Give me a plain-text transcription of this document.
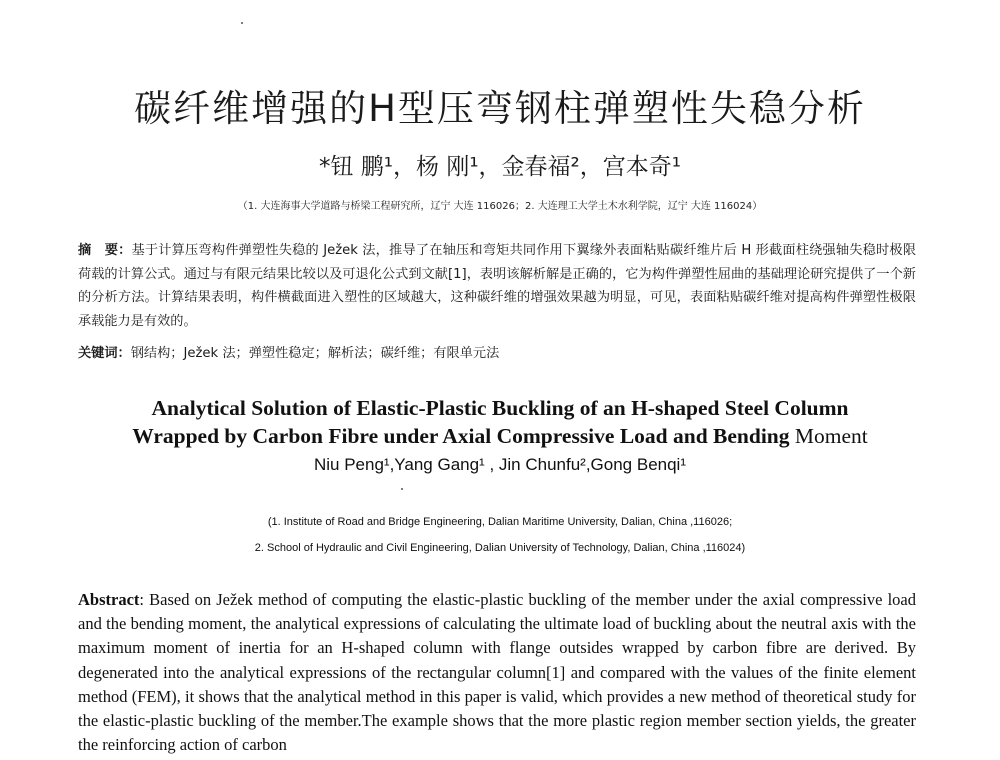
碳纤维增强的H型压弯钢柱弹塑性失稳分析
*钮 鹏¹，杨 刚¹，金春福²，宫本奇¹
（1. 大连海事大学道路与桥梁工程研究所，辽宁 大连 116026；2. 大连理工大学土木水利学院，辽宁 大连 116024）
摘　要：基于计算压弯构件弹塑性失稳的 Ježek 法，推导了在轴压和弯矩共同作用下翼缘外表面粘贴碳纤维片后 H 形截面柱绕强轴失稳时极限荷载的计算公式。通过与有限元结果比较以及可退化公式到文献[1]，表明该解析解是正确的，它为构件弹塑性屈曲的基础理论研究提供了一个新的分析方法。计算结果表明，构件横截面进入塑性的区域越大，这种碳纤维的增强效果越为明显，可见，表面粘贴碳纤维对提高构件弹塑性极限承载能力是有效的。
关键词：钢结构；Ježek 法；弹塑性稳定；解析法；碳纤维；有限单元法
Analytical Solution of Elastic-Plastic Buckling of an H-shaped Steel Column
Wrapped by Carbon Fibre under Axial Compressive Load and Bending Moment
Niu Peng¹,Yang Gang¹ , Jin Chunfu²,Gong Benqi¹
(1. Institute of Road and Bridge Engineering, Dalian Maritime University, Dalian, China ,116026;
2. School of Hydraulic and Civil Engineering, Dalian University of Technology, Dalian, China ,116024)
Abstract: Based on Ježek method of computing the elastic-plastic buckling of the member under the axial compressive load and the bending moment, the analytical expressions of calculating the ultimate load of buckling about the neutral axis with the maximum moment of inertia for an H-shaped column with flange outsides wrapped by carbon fibre are derived. By degenerated into the analytical expressions of the rectangular column[1] and compared with the values of the finite element method (FEM), it shows that the analytical method in this paper is valid, which provides a new method of theoretical study for the elastic-plastic buckling of the member.The example shows that the more plastic region member section yields, the greater the reinforcing action of carbon
